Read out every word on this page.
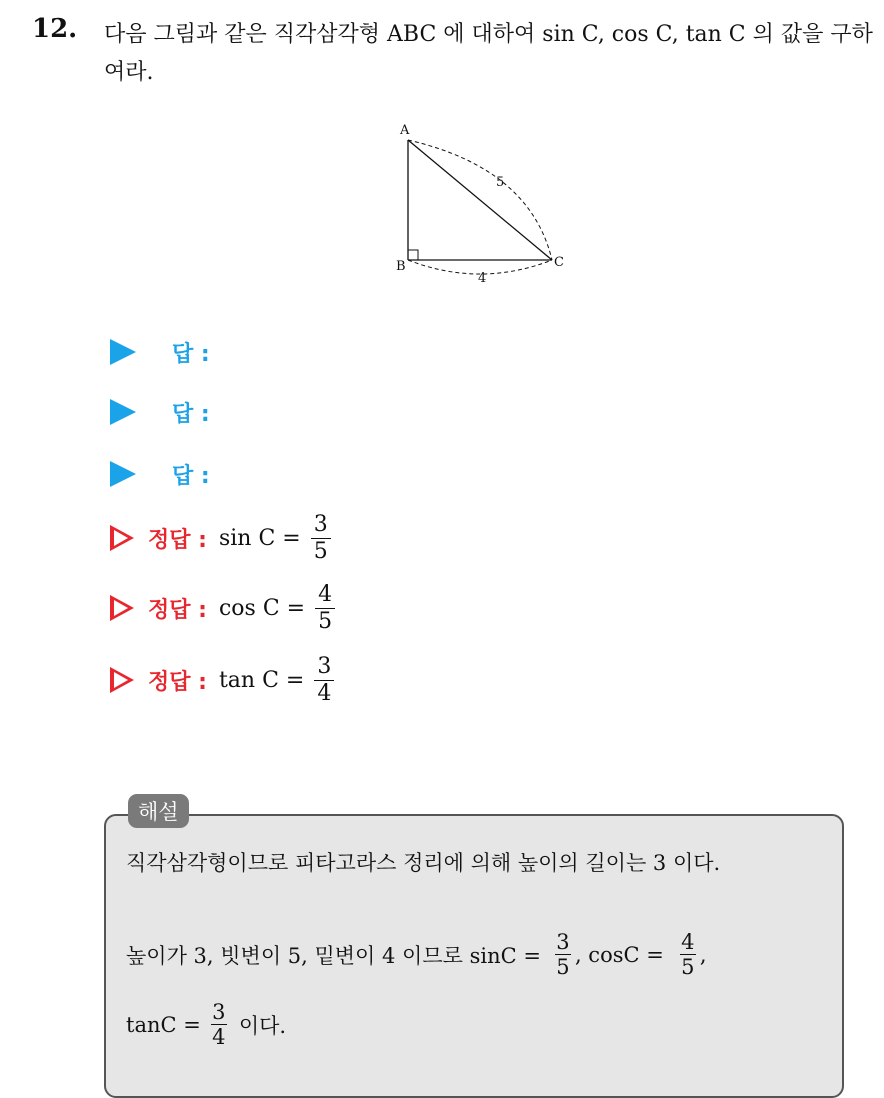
12. 다음 그림과 같은 직각삼각형 ABC 에 대하여 sin C, cos C, tan C 의 값을 구하여라.
A
B	C
5
4
답 :
답 :
답 :
정답 : $\sin C = \frac{3}{5}$
정답 : $\cos C = \frac{4}{5}$
정답 : $\tan C = \frac{3}{4}$
해설
직각삼각형이므로 피타고라스 정리에 의해 높이의 길이는 3 이다.
높이가 3, 빗변이 5, 밑변이 4 이므로 sinC =
3
5
, cosC =
4
5
,
tanC =
3
4 이다.
